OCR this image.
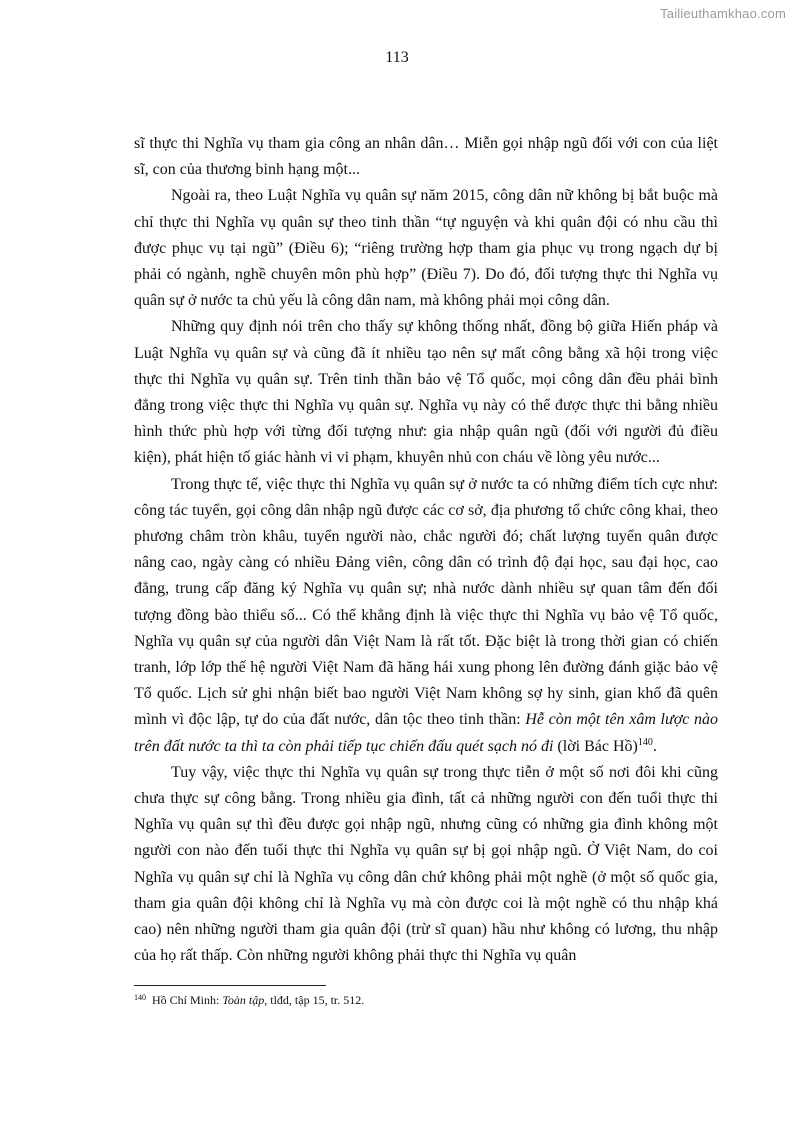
Tailieuthamkhao.com
113

sĩ thực thi Nghĩa vụ tham gia công an nhân dân… Miễn gọi nhập ngũ đối với con của liệt sĩ, con của thương binh hạng một...

Ngoài ra, theo Luật Nghĩa vụ quân sự năm 2015, công dân nữ không bị bắt buộc mà chỉ thực thi Nghĩa vụ quân sự theo tinh thần “tự nguyện và khi quân đội có nhu cầu thì được phục vụ tại ngũ” (Điều 6); “riêng trường hợp tham gia phục vụ trong ngạch dự bị phải có ngành, nghề chuyên môn phù hợp” (Điều 7). Do đó, đối tượng thực thi Nghĩa vụ quân sự ở nước ta chủ yếu là công dân nam, mà không phải mọi công dân.

Những quy định nói trên cho thấy sự không thống nhất, đồng bộ giữa Hiến pháp và Luật Nghĩa vụ quân sự và cũng đã ít nhiều tạo nên sự mất công bằng xã hội trong việc thực thi Nghĩa vụ quân sự. Trên tinh thần bảo vệ Tổ quốc, mọi công dân đều phải bình đẳng trong việc thực thi Nghĩa vụ quân sự. Nghĩa vụ này có thể được thực thi bằng nhiều hình thức phù hợp với từng đối tượng như: gia nhập quân ngũ (đối với người đủ điều kiện), phát hiện tố giác hành vi vi phạm, khuyên nhủ con cháu về lòng yêu nước...

Trong thực tế, việc thực thi Nghĩa vụ quân sự ở nước ta có những điểm tích cực như: công tác tuyển, gọi công dân nhập ngũ được các cơ sở, địa phương tổ chức công khai, theo phương châm tròn khâu, tuyển người nào, chắc người đó; chất lượng tuyển quân được nâng cao, ngày càng có nhiều Đảng viên, công dân có trình độ đại học, sau đại học, cao đẳng, trung cấp đăng ký Nghĩa vụ quân sự; nhà nước dành nhiều sự quan tâm đến đối tượng đồng bào thiểu số... Có thể khẳng định là việc thực thi Nghĩa vụ bảo vệ Tổ quốc, Nghĩa vụ quân sự của người dân Việt Nam là rất tốt. Đặc biệt là trong thời gian có chiến tranh, lớp lớp thế hệ người Việt Nam đã hăng hái xung phong lên đường đánh giặc bảo vệ Tổ quốc. Lịch sử ghi nhận biết bao người Việt Nam không sợ hy sinh, gian khổ đã quên mình vì độc lập, tự do của đất nước, dân tộc theo tinh thần: Hễ còn một tên xâm lược nào trên đất nước ta thì ta còn phải tiếp tục chiến đấu quét sạch nó đi (lời Bác Hồ)$^{140}$.

Tuy vậy, việc thực thi Nghĩa vụ quân sự trong thực tiễn ở một số nơi đôi khi cũng chưa thực sự công bằng. Trong nhiều gia đình, tất cả những người con đến tuổi thực thi Nghĩa vụ quân sự thì đều được gọi nhập ngũ, nhưng cũng có những gia đình không một người con nào đến tuổi thực thi Nghĩa vụ quân sự bị gọi nhập ngũ. Ở Việt Nam, do coi Nghĩa vụ quân sự chỉ là Nghĩa vụ công dân chứ không phải một nghề (ở một số quốc gia, tham gia quân đội không chỉ là Nghĩa vụ mà còn được coi là một nghề có thu nhập khá cao) nên những người tham gia quân đội (trừ sĩ quan) hầu như không có lương, thu nhập của họ rất thấp. Còn những người không phải thực thi Nghĩa vụ quân

$^{140}$ Hồ Chí Minh: Toàn tập, tlđd, tập 15, tr. 512.
